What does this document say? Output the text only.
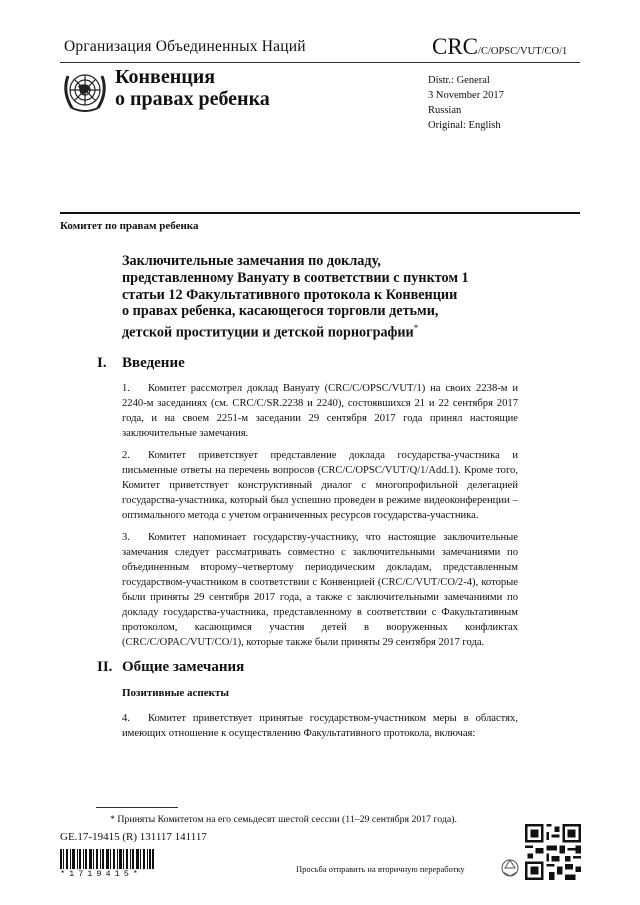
Организация Объединенных Наций	CRC/C/OPSC/VUT/CO/1
Конвенция
о правах ребенка
Distr.: General
3 November 2017
Russian
Original: English
Комитет по правам ребенка
Заключительные замечания по докладу,
представленному Вануату в соответствии с пунктом 1
статьи 12 Факультативного протокола к Конвенции
о правах ребенка, касающегося торговли детьми,
детской проституции и детской порнографии*
I. Введение

1. Комитет рассмотрел доклад Вануату (CRC/C/OPSC/VUT/1) на своих 2238-м и 2240-м заседаниях (см. CRC/C/SR.2238 и 2240), состоявшихся 21 и 22 сентября 2017 года, и на своем 2251-м заседании 29 сентября 2017 года принял настоящие заключительные замечания.

2. Комитет приветствует представление доклада государства-участника и письменные ответы на перечень вопросов (CRC/C/OPSC/VUT/Q/1/Add.1). Кроме того, Комитет приветствует конструктивный диалог с многопрофильной делегацией государства-участника, который был успешно проведен в режиме видеоконференции – оптимального метода с учетом ограниченных ресурсов государства-участника.

3. Комитет напоминает государству-участнику, что настоящие заключительные замечания следует рассматривать совместно с заключительными замечаниями по объединенным второму–четвертому периодическим докладам, представленным государством-участником в соответствии с Конвенцией (CRC/C/VUT/CO/2-4), которые были приняты 29 сентября 2017 года, а также с заключительными замечаниями по докладу государства-участника, представленному в соответствии с Факультативным протоколом, касающимся участия детей в вооруженных конфликтах (CRC/C/OPAC/VUT/CO/1), которые также были приняты 29 сентября 2017 года.

II. Общие замечания
Позитивные аспекты

4. Комитет приветствует принятые государством-участником меры в областях, имеющих отношение к осуществлению Факультативного протокола, включая:

* Приняты Комитетом на его семьдесят шестой сессии (11–29 сентября 2017 года).
GE.17-19415 (R) 131117 141117
*1719415*	Просьба отправить на вторичную переработку
